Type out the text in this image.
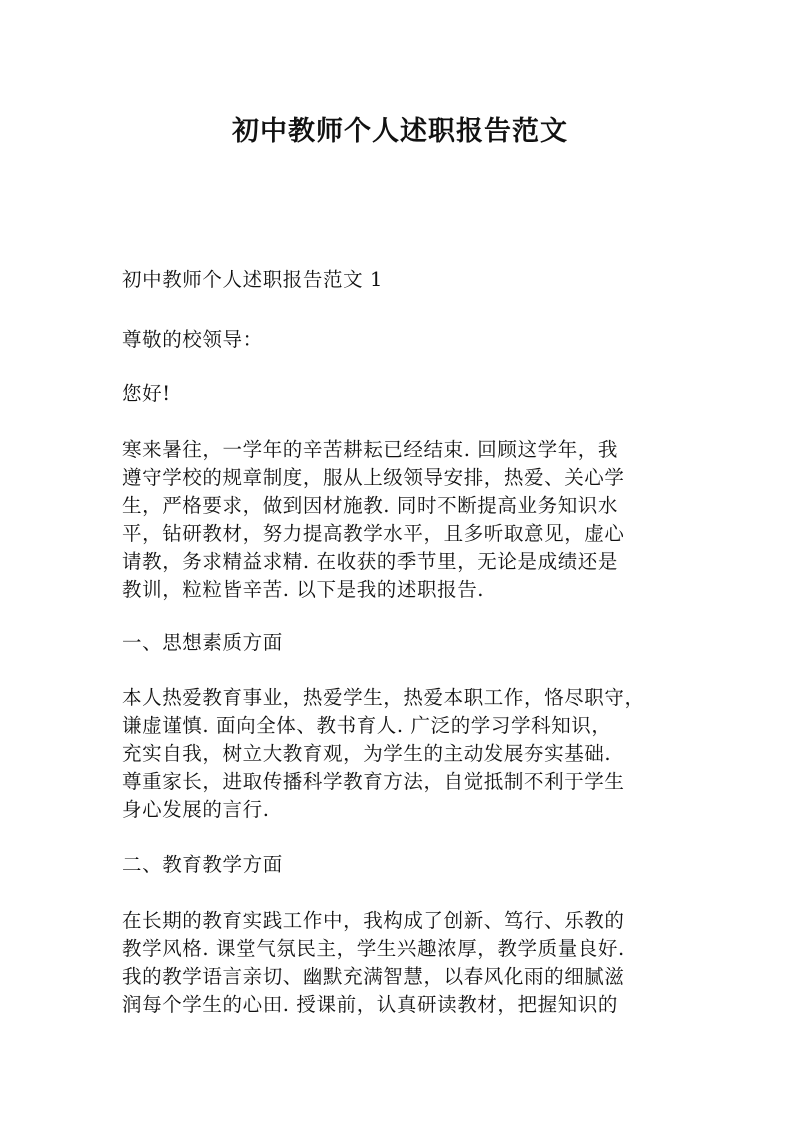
初中教师个人述职报告范文
初中教师个人述职报告范文 1
尊敬的校领导：
您好!
寒来暑往，一学年的辛苦耕耘已经结束. 回顾这学年，我
遵守学校的规章制度，服从上级领导安排，热爱、关心学
生，严格要求，做到因材施教. 同时不断提高业务知识水
平，钻研教材，努力提高教学水平，且多听取意见，虚心
请教，务求精益求精. 在收获的季节里，无论是成绩还是
教训，粒粒皆辛苦. 以下是我的述职报告.
一、思想素质方面
本人热爱教育事业，热爱学生，热爱本职工作，恪尽职守，
谦虚谨慎. 面向全体、教书育人. 广泛的学习学科知识，
充实自我，树立大教育观，为学生的主动发展夯实基础.
尊重家长，进取传播科学教育方法，自觉抵制不利于学生
身心发展的言行.
二、教育教学方面
在长期的教育实践工作中，我构成了创新、笃行、乐教的
教学风格. 课堂气氛民主，学生兴趣浓厚，教学质量良好.
我的教学语言亲切、幽默充满智慧，以春风化雨的细腻滋
润每个学生的心田. 授课前，认真研读教材，把握知识的
